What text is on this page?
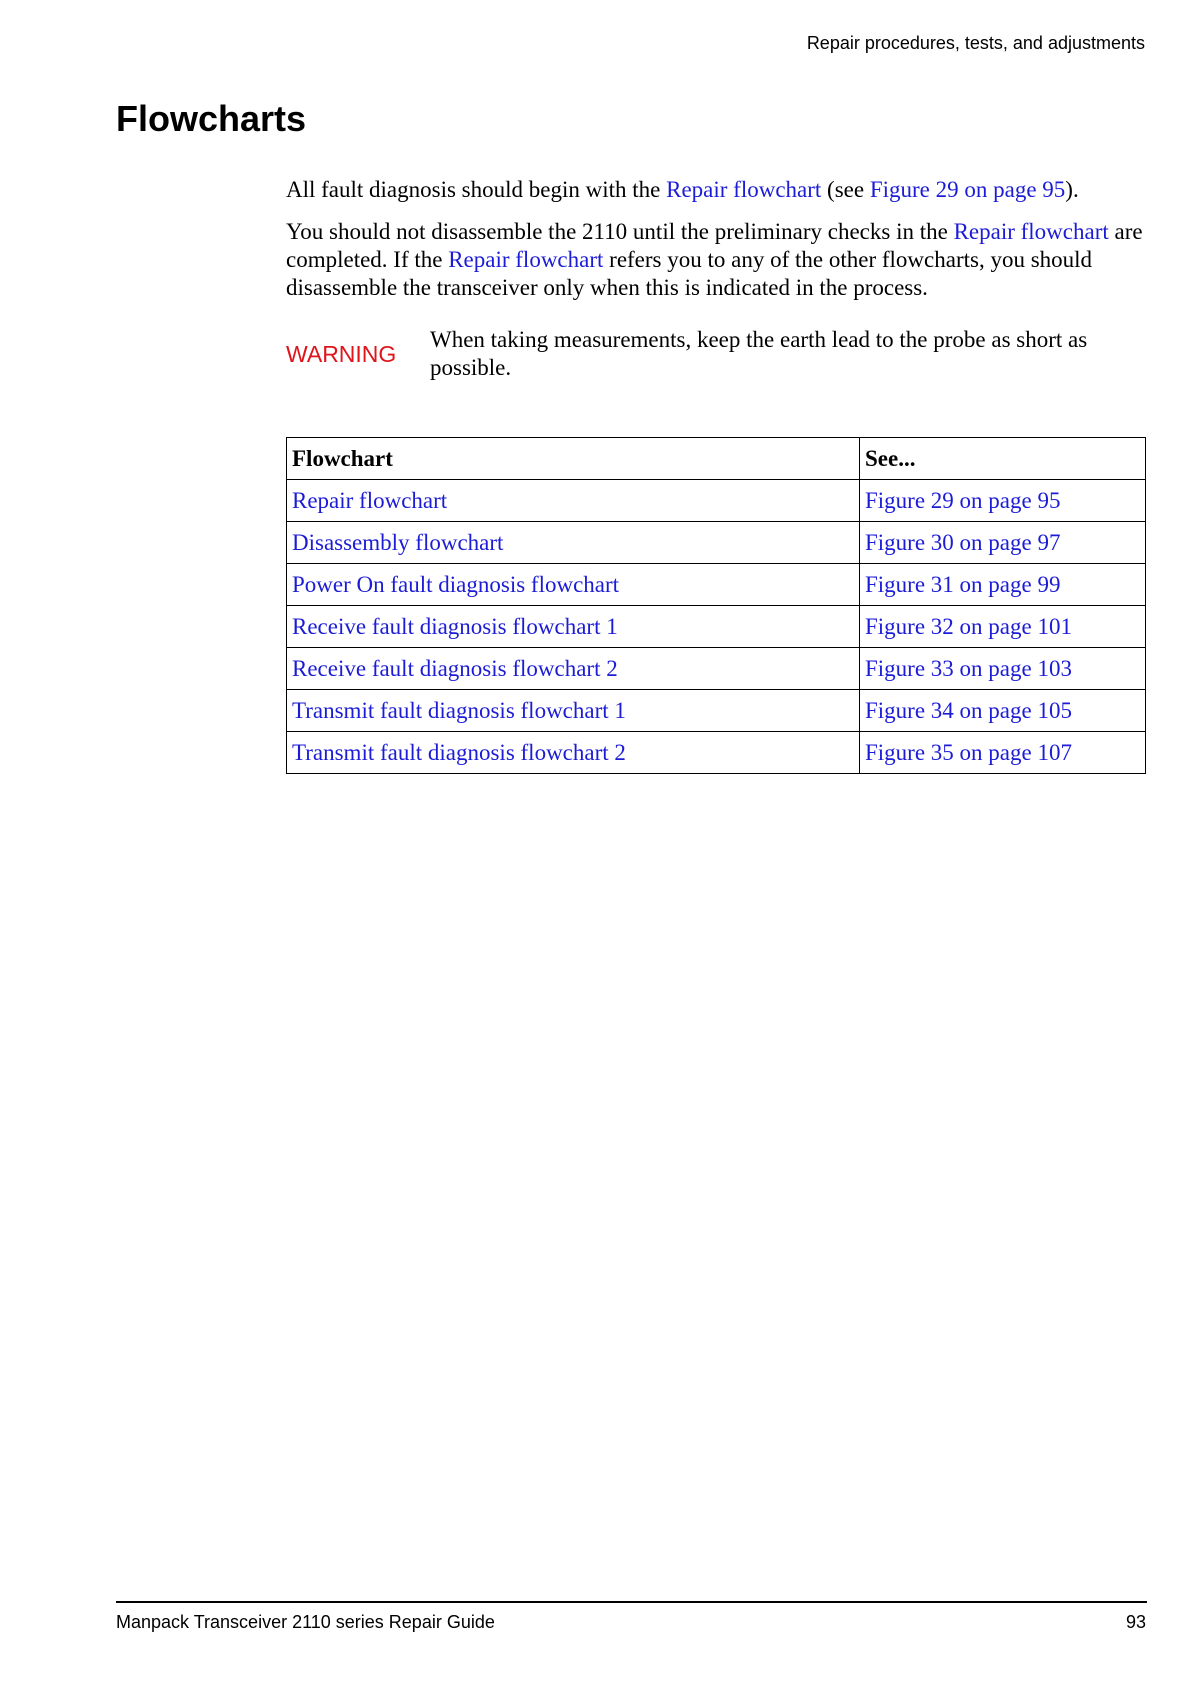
Repair procedures, tests, and adjustments
Flowcharts

All fault diagnosis should begin with the Repair flowchart (see Figure 29 on page 95).

You should not disassemble the 2110 until the preliminary checks in the Repair flowchart are completed. If the Repair flowchart refers you to any of the other flowcharts, you should disassemble the transceiver only when this is indicated in the process.

WARNING

When taking measurements, keep the earth lead to the probe as short as possible.

Flowchart	See...
Repair flowchart	Figure 29 on page 95
Disassembly flowchart	Figure 30 on page 97
Power On fault diagnosis flowchart	Figure 31 on page 99
Receive fault diagnosis flowchart 1	Figure 32 on page 101
Receive fault diagnosis flowchart 2	Figure 33 on page 103
Transmit fault diagnosis flowchart 1	Figure 34 on page 105
Transmit fault diagnosis flowchart 2	Figure 35 on page 107
Manpack Transceiver 2110 series Repair Guide	93
